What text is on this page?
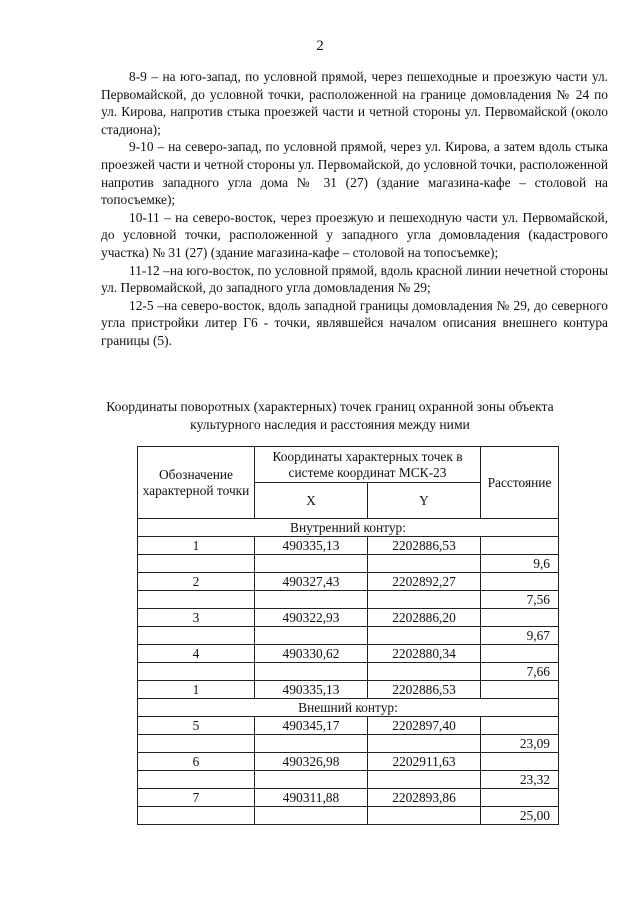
2

8-9 – на юго-запад, по условной прямой, через пешеходные и проезжую части ул. Первомайской, до условной точки, расположенной на границе домовладения № 24 по ул. Кирова, напротив стыка проезжей части и четной стороны ул. Первомайской (около стадиона);

9-10 – на северо-запад, по условной прямой, через ул. Кирова, а затем вдоль стыка проезжей части и четной стороны ул. Первомайской, до условной точки, расположенной напротив западного угла дома № 31 (27) (здание магазина-кафе – столовой на топосъемке);

10-11 – на северо-восток, через проезжую и пешеходную части ул. Первомайской, до условной точки, расположенной у западного угла домовладения (кадастрового участка) № 31 (27) (здание магазина-кафе – столовой на топосъемке);

11-12 –на юго-восток, по условной прямой, вдоль красной линии нечетной стороны ул. Первомайской, до западного угла домовладения № 29;

12-5 –на северо-восток, вдоль западной границы домовладения № 29, до северного угла пристройки литер Г6 - точки, являвшейся началом описания внешнего контура границы (5).

Координаты поворотных (характерных) точек границ охранной зоны объекта культурного наследия и расстояния между ними
Обозначение характерной точки	Координаты характерных точек в системе координат МСК-23		Расстояние
	X	Y	
Внутренний контур:			
1	490335,13	2202886,53	
			9,6
2	490327,43	2202892,27	
			7,56
3	490322,93	2202886,20	
			9,67
4	490330,62	2202880,34	
			7,66
1	490335,13	2202886,53	
Внешний контур:			
5	490345,17	2202897,40	
			23,09
6	490326,98	2202911,63	
			23,32
7	490311,88	2202893,86	
			25,00
